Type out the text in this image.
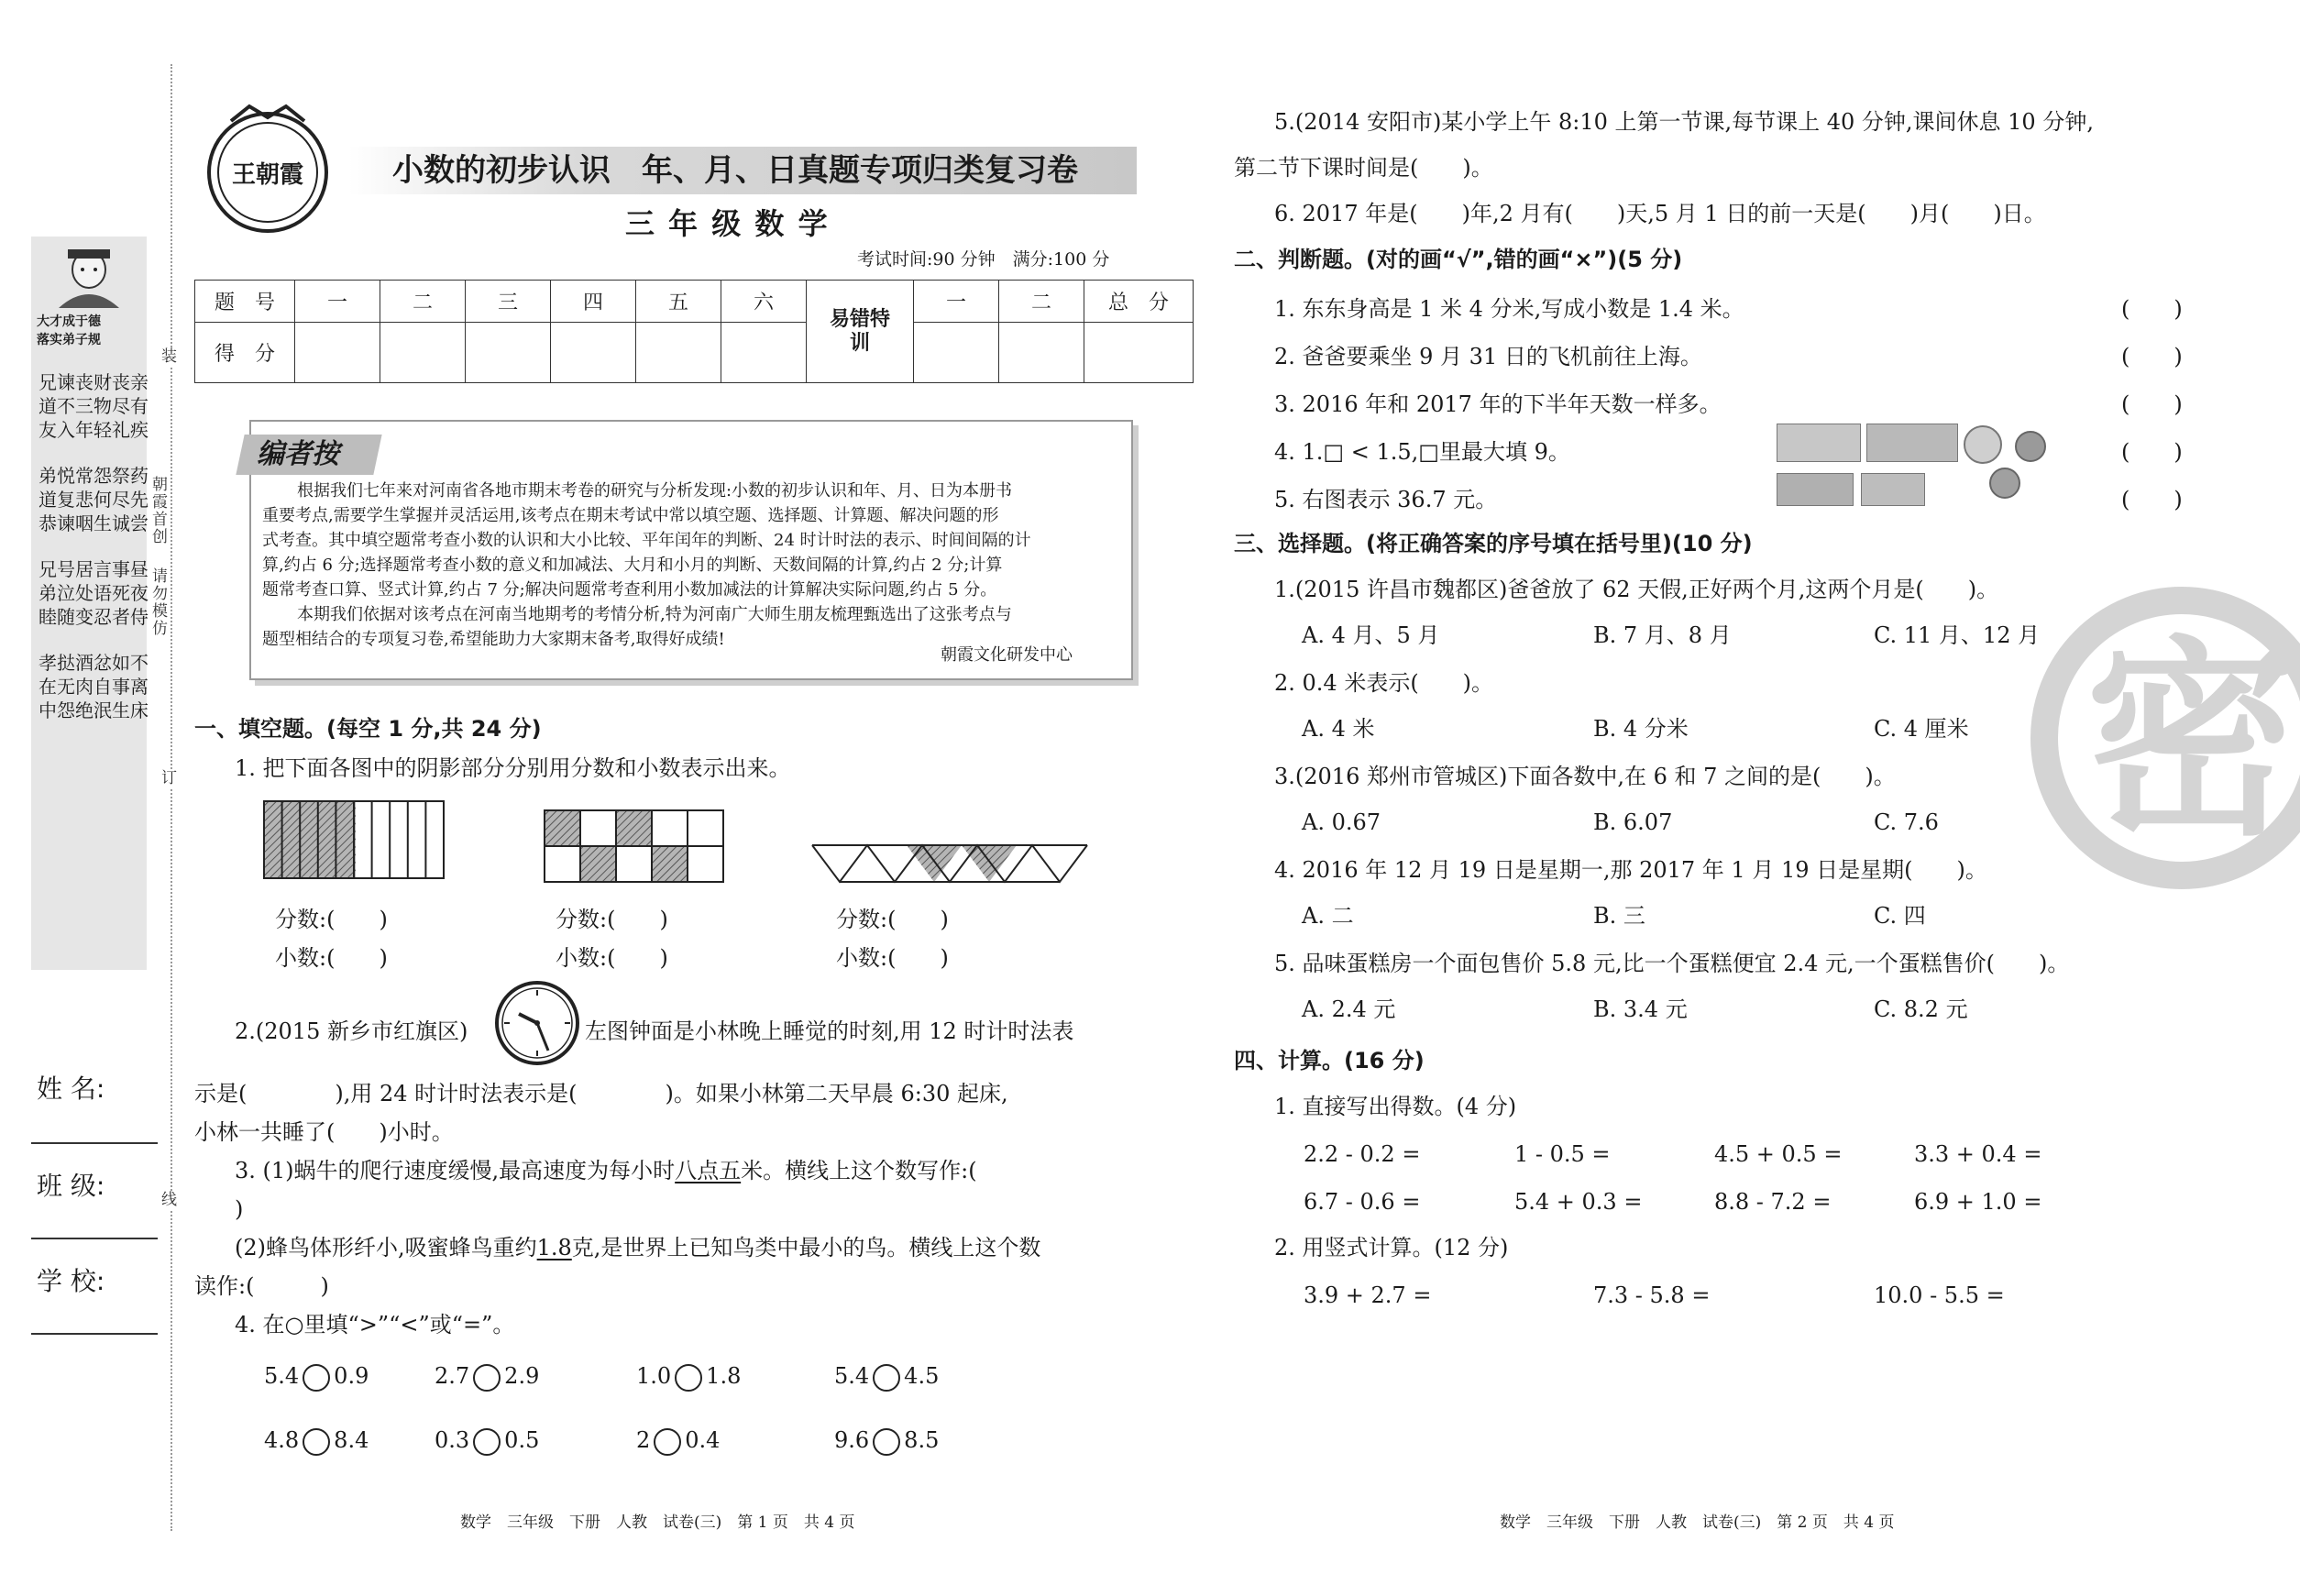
装
订
线
朝霞首创
请勿模仿
大才成于德
落实弟子规
兄道友
弟道恭
兄弟睦
孝在中
谏不入
悦复谏
号泣随
挞无怨
丧三年
常悲咽
居处变
酒肉绝
财物轻
怨何生
言语忍
忿自泯
丧尽礼
祭尽诚
事死者
如事生
亲有疾
药先尝
昼夜侍
不离床
姓 名:
班 级:
学 校:
王朝霞	小数的初步认识　年、月、日真题专项归类复习卷
三 年 级 数 学
考试时间:90 分钟　满分:100 分
题　号	一	二	三	四	五	六	易错特训	一	二	总　分
得　分										
编者按
根据我们七年来对河南省各地市期末考卷的研究与分析发现:小数的初步认识和年、月、日为本册书
重要考点,需要学生掌握并灵活运用,该考点在期末考试中常以填空题、选择题、计算题、解决问题的形
式考查。其中填空题常考查小数的认识和大小比较、平年闰年的判断、24 时计时法的表示、时间间隔的计
算,约占 6 分;选择题常考查小数的意义和加减法、大月和小月的判断、天数间隔的计算,约占 2 分;计算
题常考查口算、竖式计算,约占 7 分;解决问题常考查利用小数加减法的计算解决实际问题,约占 5 分。
本期我们依据对该考点在河南当地期考的考情分析,特为河南广大师生朋友梳理甄选出了这张考点与
题型相结合的专项复习卷,希望能助力大家期末备考,取得好成绩!
朝霞文化研发中心
一、填空题。(每空 1 分,共 24 分)
1. 把下面各图中的阴影部分分别用分数和小数表示出来。
分数:(　　)
小数:(　　)
分数:(　　)
小数:(　　)
分数:(　　)
小数:(　　)
2.(2015 新乡市红旗区)	左图钟面是小林晚上睡觉的时刻,用 12 时计时法表
示是(　　　　),用 24 时计时法表示是(　　　　)。如果小林第二天早晨 6:30 起床,
小林一共睡了(　　)小时。
3. (1)蜗牛的爬行速度缓慢,最高速度为每小时八点五米。横线上这个数写作:(
)
(2)蜂鸟体形纤小,吸蜜蜂鸟重约1.8克,是世界上已知鸟类中最小的鸟。横线上这个数
读作:(　　　)
4. 在○里填“>”“<”或“=”。
5.4 0.9	2.7 2.9	1.0 1.8	5.4 4.5
4.8 8.4	0.3 0.5	2 0.4	9.6 8.5
数学　三年级　下册　人教　试卷(三)　第 1 页　共 4 页
5.(2014 安阳市)某小学上午 8:10 上第一节课,每节课上 40 分钟,课间休息 10 分钟,
第二节下课时间是(　　)。
6. 2017 年是(　　)年,2 月有(　　)天,5 月 1 日的前一天是(　　)月(　　)日。
二、判断题。(对的画“√”,错的画“×”)(5 分)
1. 东东身高是 1 米 4 分米,写成小数是 1.4 米。	(　　)
2. 爸爸要乘坐 9 月 31 日的飞机前往上海。	(　　)
3. 2016 年和 2017 年的下半年天数一样多。	(　　)
4. 1.□ < 1.5,□里最大填 9。	(　　)
5. 右图表示 36.7 元。	(　　)
三、选择题。(将正确答案的序号填在括号里)(10 分)
1.(2015 许昌市魏都区)爸爸放了 62 天假,正好两个月,这两个月是(　　)。
A. 4 月、5 月	B. 7 月、8 月	C. 11 月、12 月
2. 0.4 米表示(　　)。
A. 4 米	B. 4 分米	C. 4 厘米
3.(2016 郑州市管城区)下面各数中,在 6 和 7 之间的是(　　)。
A. 0.67	B. 6.07	C. 7.6
4. 2016 年 12 月 19 日是星期一,那 2017 年 1 月 19 日是星期(　　)。
A. 二	B. 三	C. 四
5. 品味蛋糕房一个面包售价 5.8 元,比一个蛋糕便宜 2.4 元,一个蛋糕售价(　　)。
A. 2.4 元	B. 3.4 元	C. 8.2 元
四、计算。(16 分)
1. 直接写出得数。(4 分)
2.2 - 0.2 =	1 - 0.5 =	4.5 + 0.5 =	3.3 + 0.4 =
6.7 - 0.6 =	5.4 + 0.3 =	8.8 - 7.2 =	6.9 + 1.0 =
2. 用竖式计算。(12 分)
3.9 + 2.7 =	7.3 - 5.8 =	10.0 - 5.5 =
密
数学　三年级　下册　人教　试卷(三)　第 2 页　共 4 页
